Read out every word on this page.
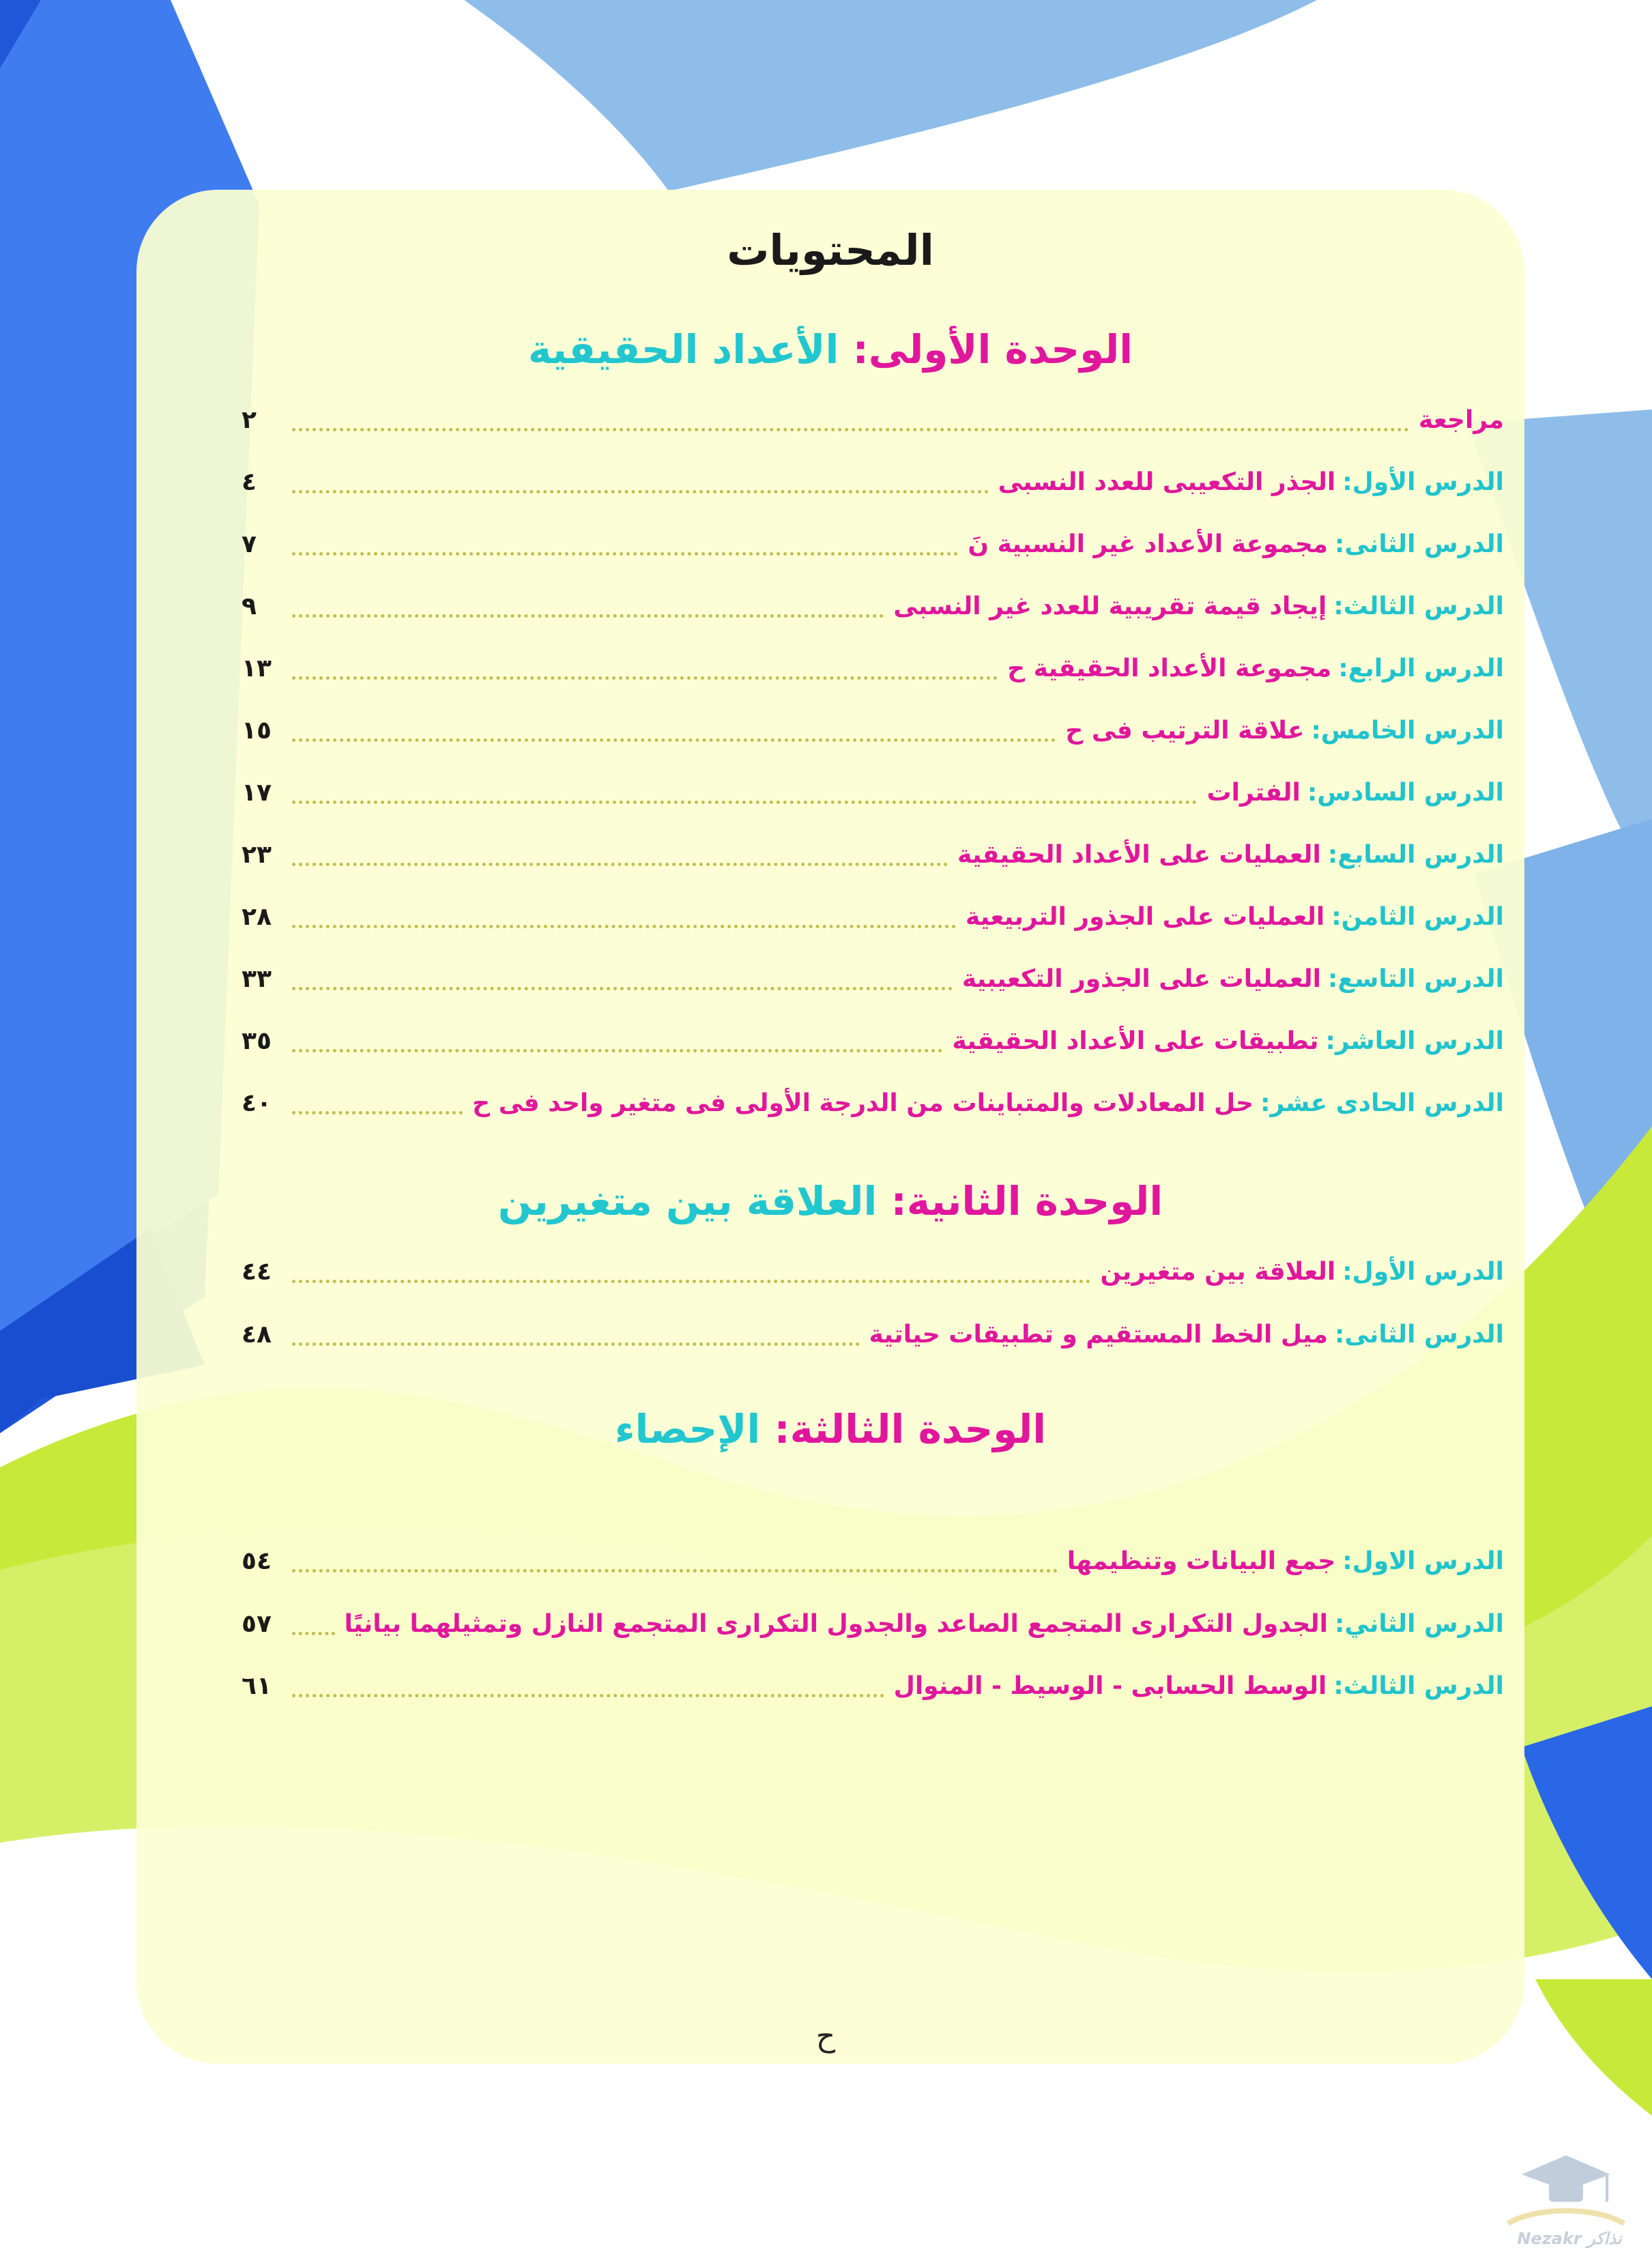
المحتويات
الوحدة الأولى: الأعداد الحقيقية
مراجعة
٢
الدرس الأول:
الجذر التكعيبى للعدد النسبى
٤
الدرس الثانى:
مجموعة الأعداد غير النسبية نَ
٧
الدرس الثالث:
إيجاد قيمة تقريبية للعدد غير النسبى
٩
الدرس الرابع:
مجموعة الأعداد الحقيقية ح
١٣
الدرس الخامس:
علاقة الترتيب فى ح
١٥
الدرس السادس:
الفترات
١٧
الدرس السابع:
العمليات على الأعداد الحقيقية
٢٣
الدرس الثامن:
العمليات على الجذور التربيعية
٢٨
الدرس التاسع:
العمليات على الجذور التكعيبية
٣٣
الدرس العاشر:
تطبيقات على الأعداد الحقيقية
٣٥
الدرس الحادى عشر:
حل المعادلات والمتباينات من الدرجة الأولى فى متغير واحد فى ح
٤٠
الوحدة الثانية: العلاقة بين متغيرين
الدرس الأول:
العلاقة بين متغيرين
٤٤
الدرس الثانى:
ميل الخط المستقيم و تطبيقات حياتية
٤٨
الوحدة الثالثة: الإحصاء
الدرس الاول:
جمع البيانات وتنظيمها
٥٤
الدرس الثاني:
الجدول التكرارى المتجمع الصاعد والجدول التكرارى المتجمع النازل وتمثيلهما بيانيًا
٥٧
الدرس الثالث:
الوسط الحسابى - الوسيط - المنوال
٦١

ح

Nezakr نذاكر
